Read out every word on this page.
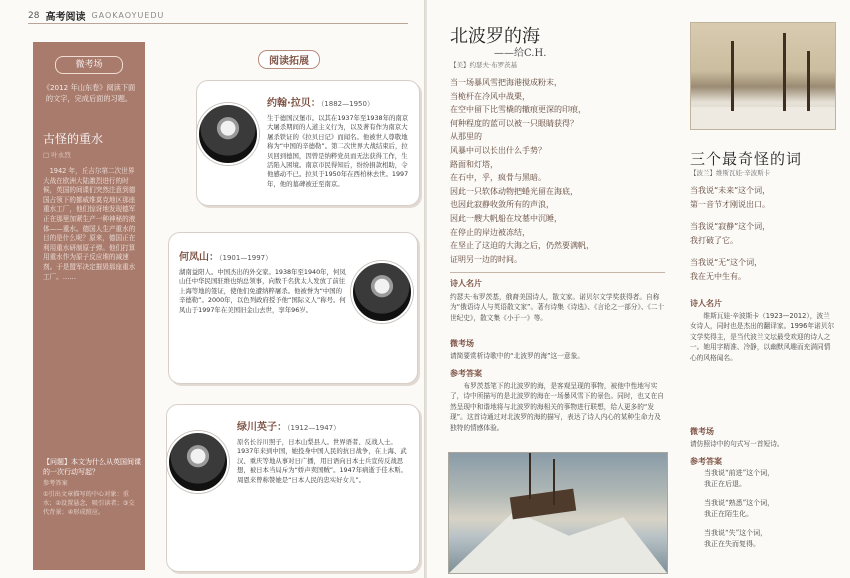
28 高考阅读 GAOKAOYUEDU
微考场
《2012 年山东卷》阅读下面的文字，完成后面的习题。
古怪的重水
□ 叶永烈
1942 年，丘吉尔第二次世界大战在欧洲大陆激烈进行的时候，英国的间谍们突然注意到德国占领下的挪威维莫克地区那座重水工厂，他们惊讶地发现德军正在那里加紧生产一种神秘的液体——重水。德国人生产重水的目的是什么呢？原来，德国正在利用重水研制原子弹。他们打算用重水作为原子反应堆的减速剂。于是盟军决定摧毁那座重水工厂。……
【问题】本文为什么从英国间谍的一次行动写起？
参考答案
①引出文章描写的中心对象：重水；②设置悬念，吸引读者；③交代背景；④形成照应。
阅读拓展
约翰·拉贝：（1882—1950）
生于德国汉堡市。以其在1937年至1938年的南京大屠杀期间的人道主义行为，以及著有作为南京大屠杀铁证的《拉贝日记》而闻名。他被世人尊敬地称为“中国的辛德勒”。第二次世界大战结束后，拉贝回到德国，因曾是纳粹党员而无法获得工作，生活陷入困境。南京市民得知后，纷纷捐款相助，令他感动不已。拉贝于1950年在西柏林去世。1997年，他的墓碑被迁至南京。
何凤山：（1901—1997）
湖南益阳人。中国杰出的外交家。1938年至1940年，何凤山任中华民国驻维也纳总领事，向数千名犹太人发放了前往上海等地的签证，使他们免遭纳粹屠杀。他被誉为“中国的辛德勒”。2000年，以色列政府授予他“国际义人”称号。何凤山于1997年在美国旧金山去世，享年96岁。
绿川英子：（1912—1947）
原名长谷川照子，日本山梨县人。世界语者、反战人士。1937年来到中国，她投身中国人民的抗日战争，在上海、武汉、重庆等地从事对日广播，用日语向日本士兵宣传反战思想，被日本当局斥为“娇声卖国贼”。1947年病逝于佳木斯。周恩来曾称赞她是“日本人民的忠实好女儿”。
北波罗的海
——给C.H.
【美】约瑟夫·布罗茨基
当一场暴风雪把海港搅成粉末，
当桅杆在冷风中战栗，
在空中留下比雪橇的辙痕更深的印痕，
何种程度的蓝可以被一只眼睛获得？
从那里的
风暴中可以长出什么手势？
路面和灯塔，
在石中，乎，疯骨与黑暗。
因此一只软体动物把蜷光留在海底，
也因此寂静收敛所有的声浪，
因此一艘大帆船在坟墓中沉睡，
在停止的岸边被冻结，
在坚止了这迫的大海之后，仍然要满帆，
证明另一边的时间。
诗人名片
约瑟夫·布罗茨基，俄裔美国诗人，散文家。诺贝尔文学奖获得者。自称为“俄语诗人与英语散文家”。著有诗集《诗选》、《言论之一部分》、《二十世纪史》，散文集《小于一》等。
微考场
请简要赏析诗歌中的“北波罗的海”这一意象。
参考答案
布罗茨基笔下的北波罗的海，是客观呈现的事物，被他中性地写实了，诗中所描写的是北波罗的海在一场暴风雪下的景色。同时，也又在自然呈现中和谐地将与北波罗的海相关的事物进行联想，给人更多的“发现”。这首诗通过对北波罗的海的描写，表达了诗人内心的某种生命力及独特的情感体验。
三个最奇怪的词
【波兰】维斯瓦娃·辛波斯卡
当我说“未来”这个词，
第一音节才刚说出口。
当我说“寂静”这个词，
我打破了它。
当我说“无”这个词，
我在无中生有。
诗人名片
维斯瓦娃·辛波斯卡（1923—2012），波兰女诗人，同时也是杰出的翻译家。1996年诺贝尔文学奖得主，是当代波兰文坛最受欢迎的诗人之一。她用字精准、冷静，以幽默风趣而充满同情心的风格闻名。
微考场
请仿照诗中的句式写一首短诗。
参考答案
当我说“前进”这个词，
我正在后退。
当我说“熟悉”这个词，
我正在陌生化。
当我说“失”这个词，
我正在失而复得。
